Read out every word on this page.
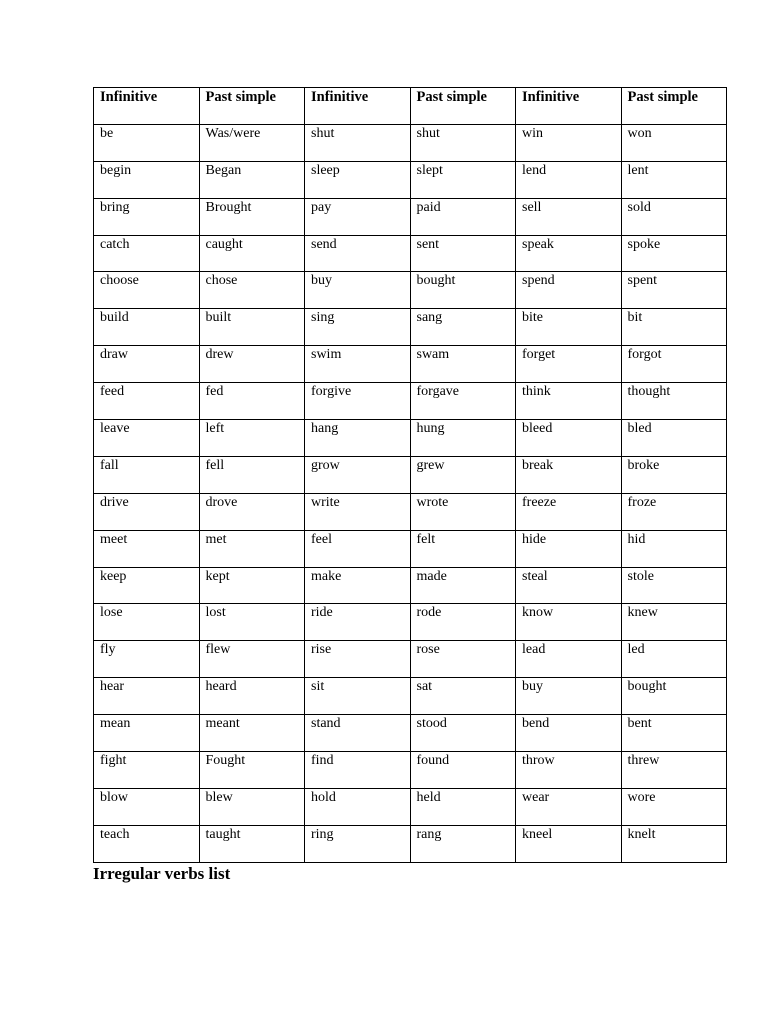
Infinitive	Past simple	Infinitive	Past simple	Infinitive	Past simple
be	Was/were	shut	shut	win	won
begin	Began	sleep	slept	lend	lent
bring	Brought	pay	paid	sell	sold
catch	caught	send	sent	speak	spoke
choose	chose	buy	bought	spend	spent
build	built	sing	sang	bite	bit
draw	drew	swim	swam	forget	forgot
feed	fed	forgive	forgave	think	thought
leave	left	hang	hung	bleed	bled
fall	fell	grow	grew	break	broke
drive	drove	write	wrote	freeze	froze
meet	met	feel	felt	hide	hid
keep	kept	make	made	steal	stole
lose	lost	ride	rode	know	knew
fly	flew	rise	rose	lead	led
hear	heard	sit	sat	buy	bought
mean	meant	stand	stood	bend	bent
fight	Fought	find	found	throw	threw
blow	blew	hold	held	wear	wore
teach	taught	ring	rang	kneel	knelt
Irregular verbs list
